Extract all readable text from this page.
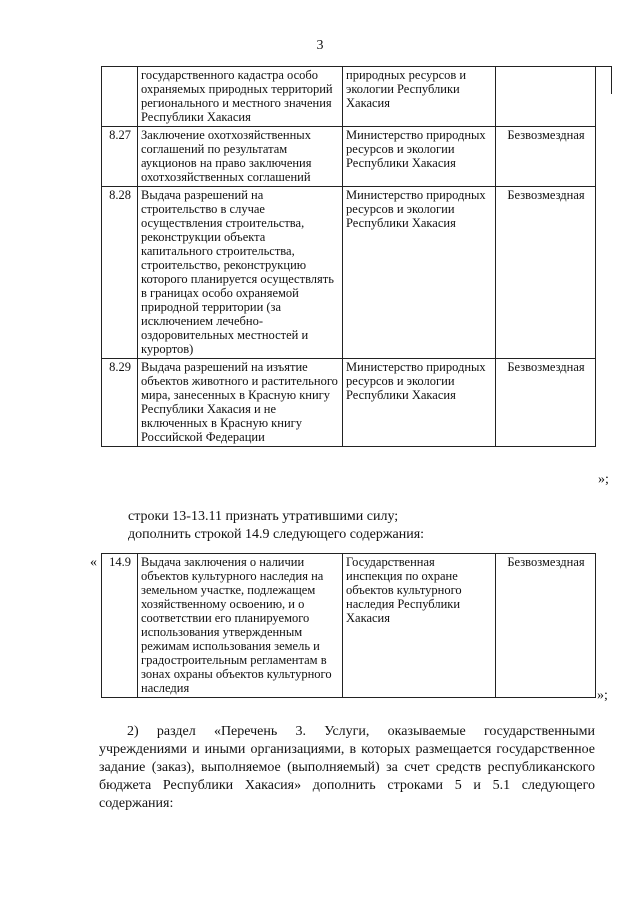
3
	государственного кадастра особо охраняемых природных территорий регионального и местного значения Республики Хакасия	природных ресурсов и экологии Республики Хакасия	
8.27	Заключение охотхозяйственных соглашений по результатам аукционов на право заключения охотхозяйственных соглашений	Министерство природных ресурсов и экологии Республики Хакасия	Безвозмездная
8.28	Выдача разрешений на строительство в случае осуществления строительства, реконструкции объекта капитального строительства, строительство, реконструкцию которого планируется осуществлять в границах особо охраняемой природной территории (за исключением лечебно-оздоровительных местностей и курортов)	Министерство природных ресурсов и экологии Республики Хакасия	Безвозмездная
8.29	Выдача разрешений на изъятие объектов животного и растительного мира, занесенных в Красную книгу Республики Хакасия и не включенных в Красную книгу Российской Федерации	Министерство природных ресурсов и экологии Республики Хакасия	Безвозмездная
»;
строки 13-13.11 признать утратившими силу;
дополнить строкой 14.9 следующего содержания:
« 14.9	Выдача заключения о наличии объектов культурного наследия на земельном участке, подлежащем хозяйственному освоению, и о соответствии его планируемого использования утвержденным режимам использования земель и градостроительным регламентам в зонах охраны объектов культурного наследия	Государственная инспекция по охране объектов культурного наследия Республики Хакасия	Безвозмездная
»;
2) раздел «Перечень 3. Услуги, оказываемые государственными учреждениями и иными организациями, в которых размещается государственное задание (заказ), выполняемое (выполняемый) за счет средств республиканского бюджета Республики Хакасия» дополнить строками 5 и 5.1 следующего содержания:
